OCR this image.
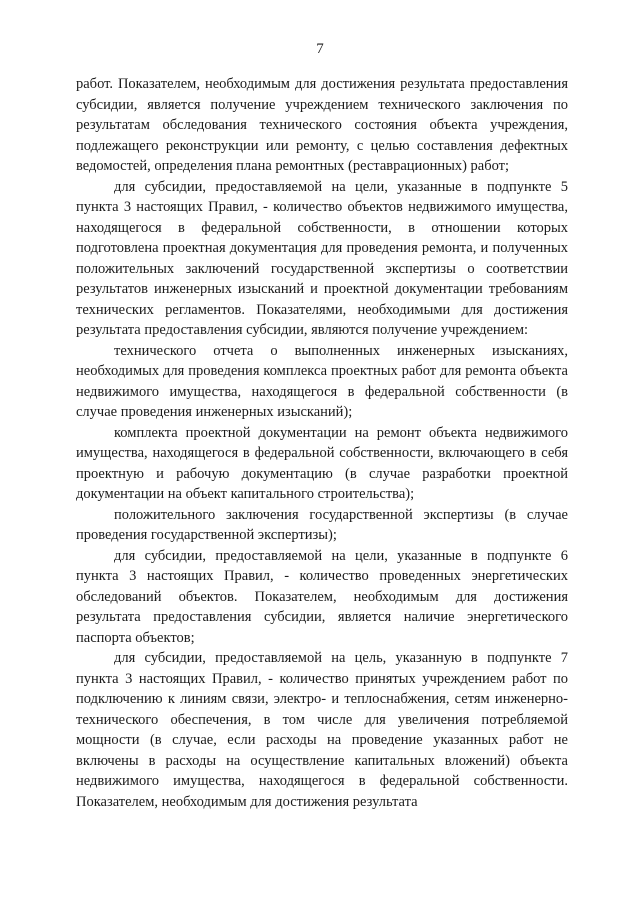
7

работ. Показателем, необходимым для достижения результата предоставления субсидии, является получение учреждением технического заключения по результатам обследования технического состояния объекта учреждения, подлежащего реконструкции или ремонту, с целью составления дефектных ведомостей, определения плана ремонтных (реставрационных) работ;

для субсидии, предоставляемой на цели, указанные в подпункте 5 пункта 3 настоящих Правил, - количество объектов недвижимого имущества, находящегося в федеральной собственности, в отношении которых подготовлена проектная документация для проведения ремонта, и полученных положительных заключений государственной экспертизы о соответствии результатов инженерных изысканий и проектной документации требованиям технических регламентов. Показателями, необходимыми для достижения результата предоставления субсидии, являются получение учреждением:

технического отчета о выполненных инженерных изысканиях, необходимых для проведения комплекса проектных работ для ремонта объекта недвижимого имущества, находящегося в федеральной собственности (в случае проведения инженерных изысканий);

комплекта проектной документации на ремонт объекта недвижимого имущества, находящегося в федеральной собственности, включающего в себя проектную и рабочую документацию (в случае разработки проектной документации на объект капитального строительства);

положительного заключения государственной экспертизы (в случае проведения государственной экспертизы);

для субсидии, предоставляемой на цели, указанные в подпункте 6 пункта 3 настоящих Правил, - количество проведенных энергетических обследований объектов. Показателем, необходимым для достижения результата предоставления субсидии, является наличие энергетического паспорта объектов;

для субсидии, предоставляемой на цель, указанную в подпункте 7 пункта 3 настоящих Правил, - количество принятых учреждением работ по подключению к линиям связи, электро- и теплоснабжения, сетям инженерно-технического обеспечения, в том числе для увеличения потребляемой мощности (в случае, если расходы на проведение указанных работ не включены в расходы на осуществление капитальных вложений) объекта недвижимого имущества, находящегося в федеральной собственности. Показателем, необходимым для достижения результата
